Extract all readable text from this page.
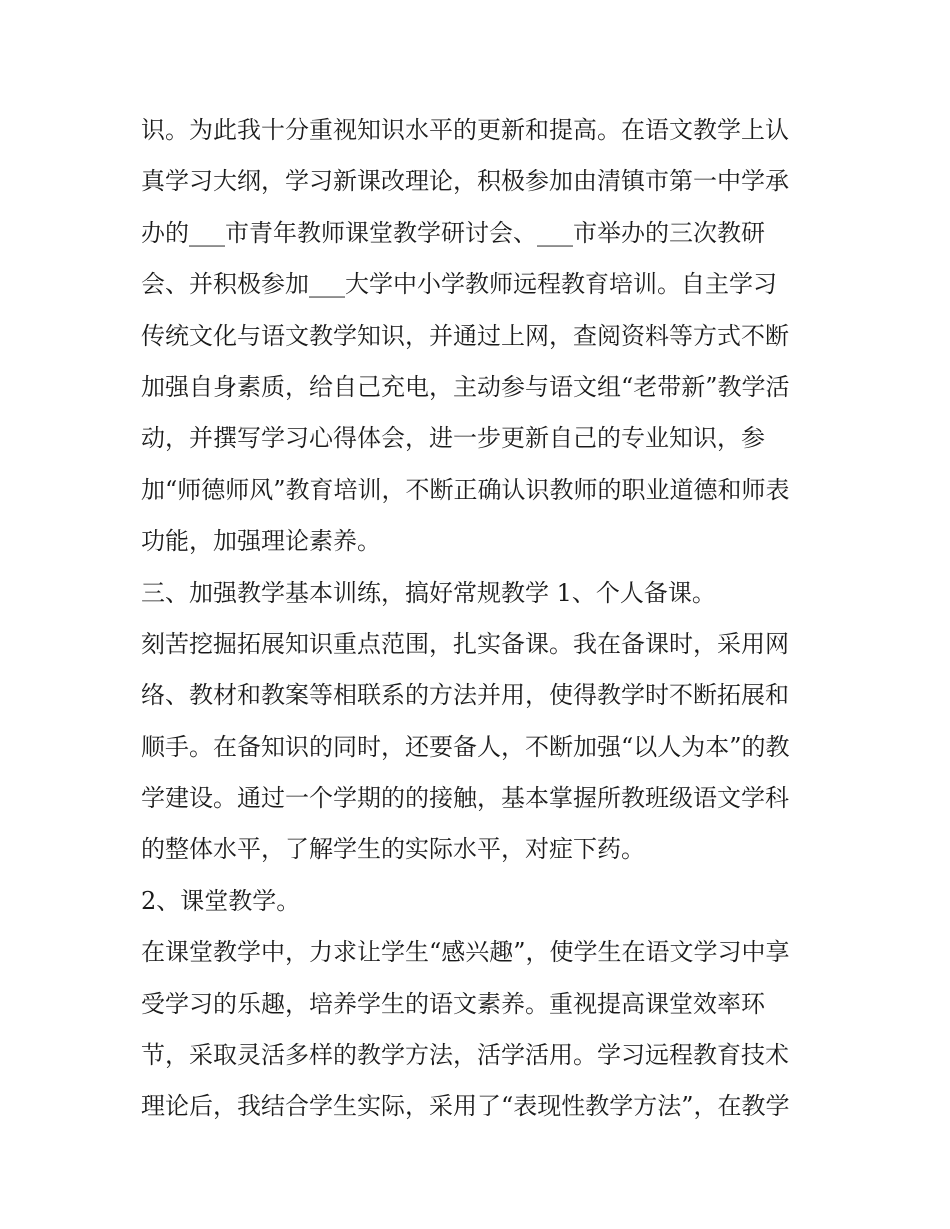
识。为此我十分重视知识水平的更新和提高。在语文教学上认
真学习大纲，学习新课改理论，积极参加由清镇市第一中学承
办的___市青年教师课堂教学研讨会、___市举办的三次教研
会、并积极参加___大学中小学教师远程教育培训。自主学习
传统文化与语文教学知识，并通过上网，查阅资料等方式不断
加强自身素质，给自己充电，主动参与语文组“老带新”教学活
动，并撰写学习心得体会，进一步更新自己的专业知识，参
加“师德师风”教育培训，不断正确认识教师的职业道德和师表
功能，加强理论素养。
三、加强教学基本训练，搞好常规教学 1、个人备课。
刻苦挖掘拓展知识重点范围，扎实备课。我在备课时，采用网
络、教材和教案等相联系的方法并用，使得教学时不断拓展和
顺手。在备知识的同时，还要备人，不断加强“以人为本”的教
学建设。通过一个学期的的接触，基本掌握所教班级语文学科
的整体水平，了解学生的实际水平，对症下药。
2、课堂教学。
在课堂教学中，力求让学生“感兴趣”，使学生在语文学习中享
受学习的乐趣，培养学生的语文素养。重视提高课堂效率环
节，采取灵活多样的教学方法，活学活用。学习远程教育技术
理论后，我结合学生实际，采用了“表现性教学方法”，在教学
